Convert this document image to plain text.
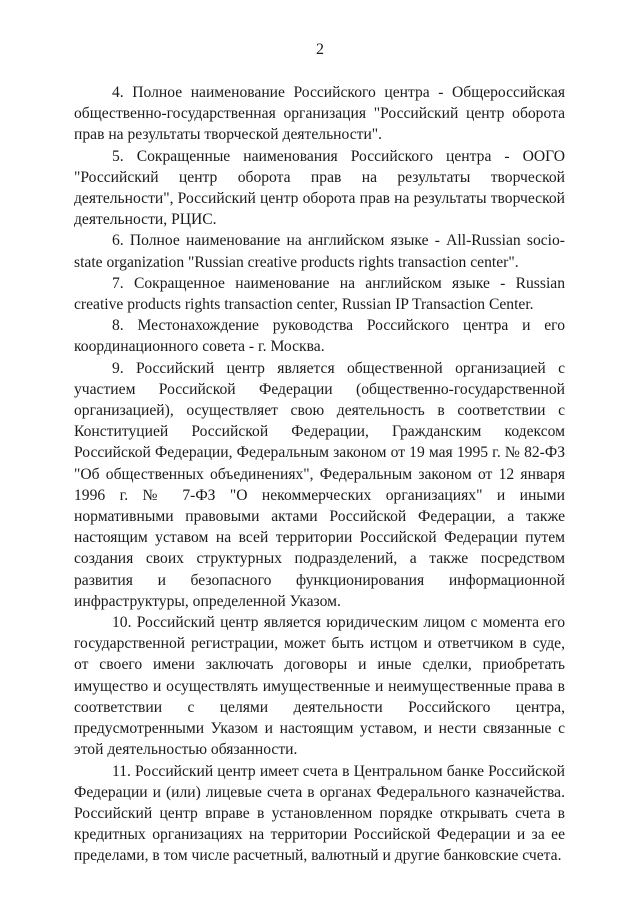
2

4. Полное наименование Российского центра - Общероссийская общественно-государственная организация "Российский центр оборота прав на результаты творческой деятельности".

5. Сокращенные наименования Российского центра - ООГО "Российский центр оборота прав на результаты творческой деятельности", Российский центр оборота прав на результаты творческой деятельности, РЦИС.

6. Полное наименование на английском языке - All-Russian socio-state organization "Russian creative products rights transaction center".

7. Сокращенное наименование на английском языке - Russian creative products rights transaction center, Russian IP Transaction Center.

8. Местонахождение руководства Российского центра и его координационного совета - г. Москва.

9. Российский центр является общественной организацией с участием Российской Федерации (общественно-государственной организацией), осуществляет свою деятельность в соответствии с Конституцией Российской Федерации, Гражданским кодексом Российской Федерации, Федеральным законом от 19 мая 1995 г. № 82-ФЗ "Об общественных объединениях", Федеральным законом от 12 января 1996 г. № 7-ФЗ "О некоммерческих организациях" и иными нормативными правовыми актами Российской Федерации, а также настоящим уставом на всей территории Российской Федерации путем создания своих структурных подразделений, а также посредством развития и безопасного функционирования информационной инфраструктуры, определенной Указом.

10. Российский центр является юридическим лицом с момента его государственной регистрации, может быть истцом и ответчиком в суде, от своего имени заключать договоры и иные сделки, приобретать имущество и осуществлять имущественные и неимущественные права в соответствии с целями деятельности Российского центра, предусмотренными Указом и настоящим уставом, и нести связанные с этой деятельностью обязанности.

11. Российский центр имеет счета в Центральном банке Российской Федерации и (или) лицевые счета в органах Федерального казначейства. Российский центр вправе в установленном порядке открывать счета в кредитных организациях на территории Российской Федерации и за ее пределами, в том числе расчетный, валютный и другие банковские счета.
